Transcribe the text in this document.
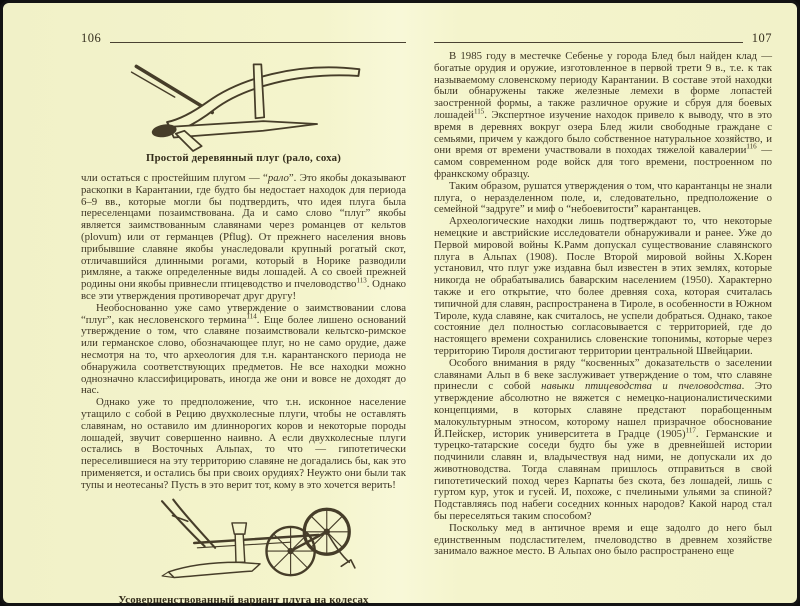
106
Простой деревянный плуг (рало, соха)

чли остаться с простейшим плугом — “рало”. Это якобы доказывают раскопки в Карантании, где будто бы недостает находок для периода 6–9 вв., которые могли бы подтвердить, что идея плуга была переселенцами позаимствована. Да и само слово “плуг” якобы является заимствованным славянами через романцев от кельтов (plovum) или от германцев (Pflug). От прежнего населения вновь прибывшие славяне якобы унаследовали крупный рогатый скот, отличавшийся длинными рогами, который в Норике разводили римляне, а также определенные виды лошадей. А со своей прежней родины они якобы привнесли птицеводство и пчеловодство$^{113}$. Однако все эти утверждения противоречат друг другу!

Необоснованно уже само утверждение о заимствовании слова “плуг”, как несловенского термина$^{114}$. Еще более лишено оснований утверждение о том, что славяне позаимствовали кельтско-римское или германское слово, обозначающее плуг, но не само орудие, даже несмотря на то, что археология для т.н. карантанского периода не обнаружила соответствующих предметов. Не все находки можно однозначно классифицировать, иногда же они и вовсе не доходят до нас.

Однако уже то предположение, что т.н. исконное население утащило с собой в Рецию двухколесные плуги, чтобы не оставлять славянам, но оставило им длиннорогих коров и некоторые породы лошадей, звучит совершенно наивно. А если двухколесные плуги остались в Восточных Альпах, то что — гипотетически переселившиеся на эту территорию славяне не догадались бы, как это применяется, и остались бы при своих орудиях? Неужто они были так тупы и неотесаны? Пусть в это верит тот, кому в это хочется верить!

Усовершенствованный вариант плуга на колесах
107

В 1985 году в местечке Себенье у города Блед был найден клад — богатые орудия и оружие, изготовленное в первой трети 9 в., т.е. к так называемому словенскому периоду Карантании. В составе этой находки были обнаружены также железные лемехи в форме лопастей заостренной формы, а также различное оружие и сбруя для боевых лошадей$^{115}$. Экспертное изучение находок привело к выводу, что в это время в деревнях вокруг озера Блед жили свободные граждане с семьями, причем у каждого было собственное натуральное хозяйство, и они время от времени участвовали в походах тяжелой кавалерии$^{116}$ — самом современном роде войск для того времени, построенном по франкскому образцу.

Таким образом, рушатся утверждения о том, что карантанцы не знали плуга, о неразделенном поле, и, следовательно, предположение о семейной “задруге” и миф о “небоевитости” карантанцев.

Археологические находки лишь подтверждают то, что некоторые немецкие и австрийские исследователи обнаруживали и ранее. Уже до Первой мировой войны К.Рамм допускал существование славянского плуга в Альпах (1908). После Второй мировой войны Х.Корен установил, что плуг уже издавна был известен в этих землях, которые никогда не обрабатывались баварским населением (1950). Характерно также и его открытие, что более древняя соха, которая считалась типичной для славян, распространена в Тироле, в особенности в Южном Тироле, куда славяне, как считалось, не успели добраться. Однако, такое состояние дел полностью согласовывается с территорией, где до настоящего времени сохранились словенские топонимы, которые через территорию Тироля достигают территории центральной Швейцарии.

Особого внимания в ряду “косвенных” доказательств о заселении славянами Альп в 6 веке заслуживает утверждение о том, что славяне принесли с собой навыки птицеводства и пчеловодства. Это утверждение абсолютно не вяжется с немецко-националистическими концепциями, в которых славяне предстают порабощенным малокультурным этносом, которому нашел призрачное обоснование Й.Пейскер, историк университета в Градце $(1905)^{117}$. Германские и турецко-татарские соседи будто бы уже в древнейшей истории подчинили славян и, владычествуя над ними, не допускали их до животноводства. Тогда славянам пришлось отправиться в свой гипотетический поход через Карпаты без скота, без лошадей, лишь с гуртом кур, уток и гусей. И, похоже, с пчелиными ульями за спиной? Подставляясь под набеги соседних конных народов? Какой народ стал бы переселяться таким способом?

Поскольку мед в античное время и еще задолго до него был единственным подсластителем, пчеловодство в древнем хозяйстве занимало важное место. В Альпах оно было распространено еще
